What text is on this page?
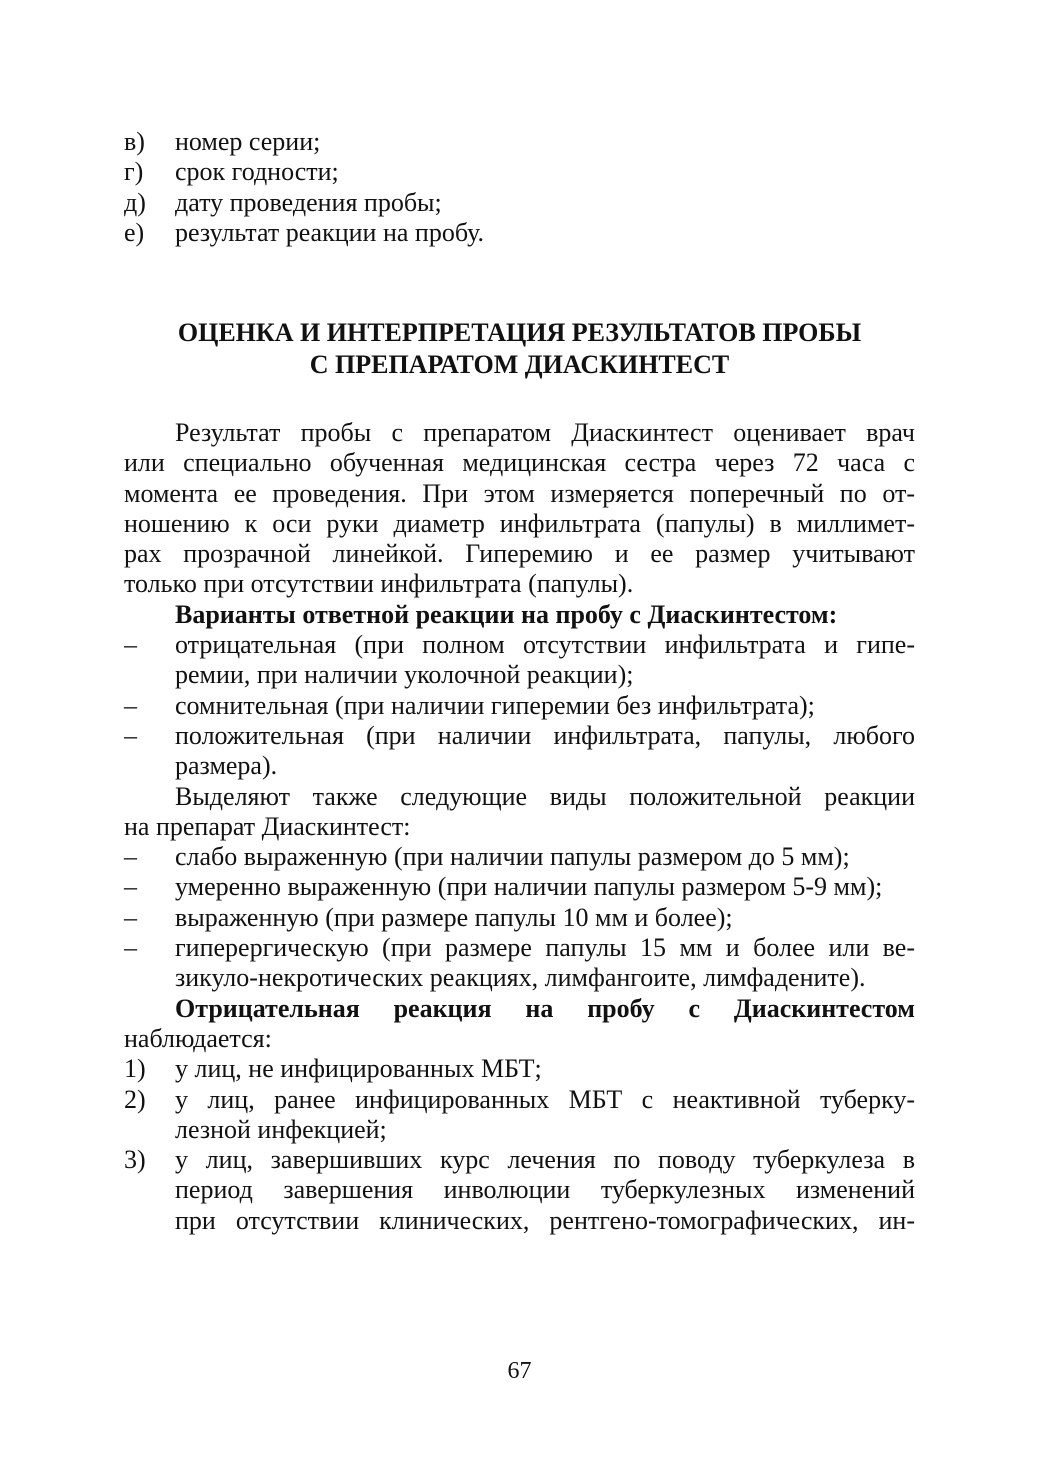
в) номер серии;
г) срок годности;
д) дату проведения пробы;
е) результат реакции на пробу.
ОЦЕНКА И ИНТЕРПРЕТАЦИЯ РЕЗУЛЬТАТОВ ПРОБЫ
С ПРЕПАРАТОМ ДИАСКИНТЕСТ
Результат пробы с препаратом Диаскинтест оценивает врач
или специально обученная медицинская сестра через 72 часа с
момента ее проведения. При этом измеряется поперечный по от-
ношению к оси руки диаметр инфильтрата (папулы) в миллимет-
рах прозрачной линейкой. Гиперемию и ее размер учитывают
только при отсутствии инфильтрата (папулы).
Варианты ответной реакции на пробу с Диаскинтестом:
– отрицательная (при полном отсутствии инфильтрата и гипе-
ремии, при наличии уколочной реакции);
– сомнительная (при наличии гиперемии без инфильтрата);
– положительная (при наличии инфильтрата, папулы, любого
размера).
Выделяют также следующие виды положительной реакции
на препарат Диаскинтест:
– слабо выраженную (при наличии папулы размером до 5 мм);
– умеренно выраженную (при наличии папулы размером 5-9 мм);
– выраженную (при размере папулы 10 мм и более);
– гиперергическую (при размере папулы 15 мм и более или ве-
зикуло-некротических реакциях, лимфангоите, лимфадените).
Отрицательная реакция на пробу с Диаскинтестом
наблюдается:
1) у лиц, не инфицированных МБТ;
2) у лиц, ранее инфицированных МБТ с неактивной туберку-
лезной инфекцией;
3) у лиц, завершивших курс лечения по поводу туберкулеза в
период завершения инволюции туберкулезных изменений
при отсутствии клинических, рентгено-томографических, ин-
67
